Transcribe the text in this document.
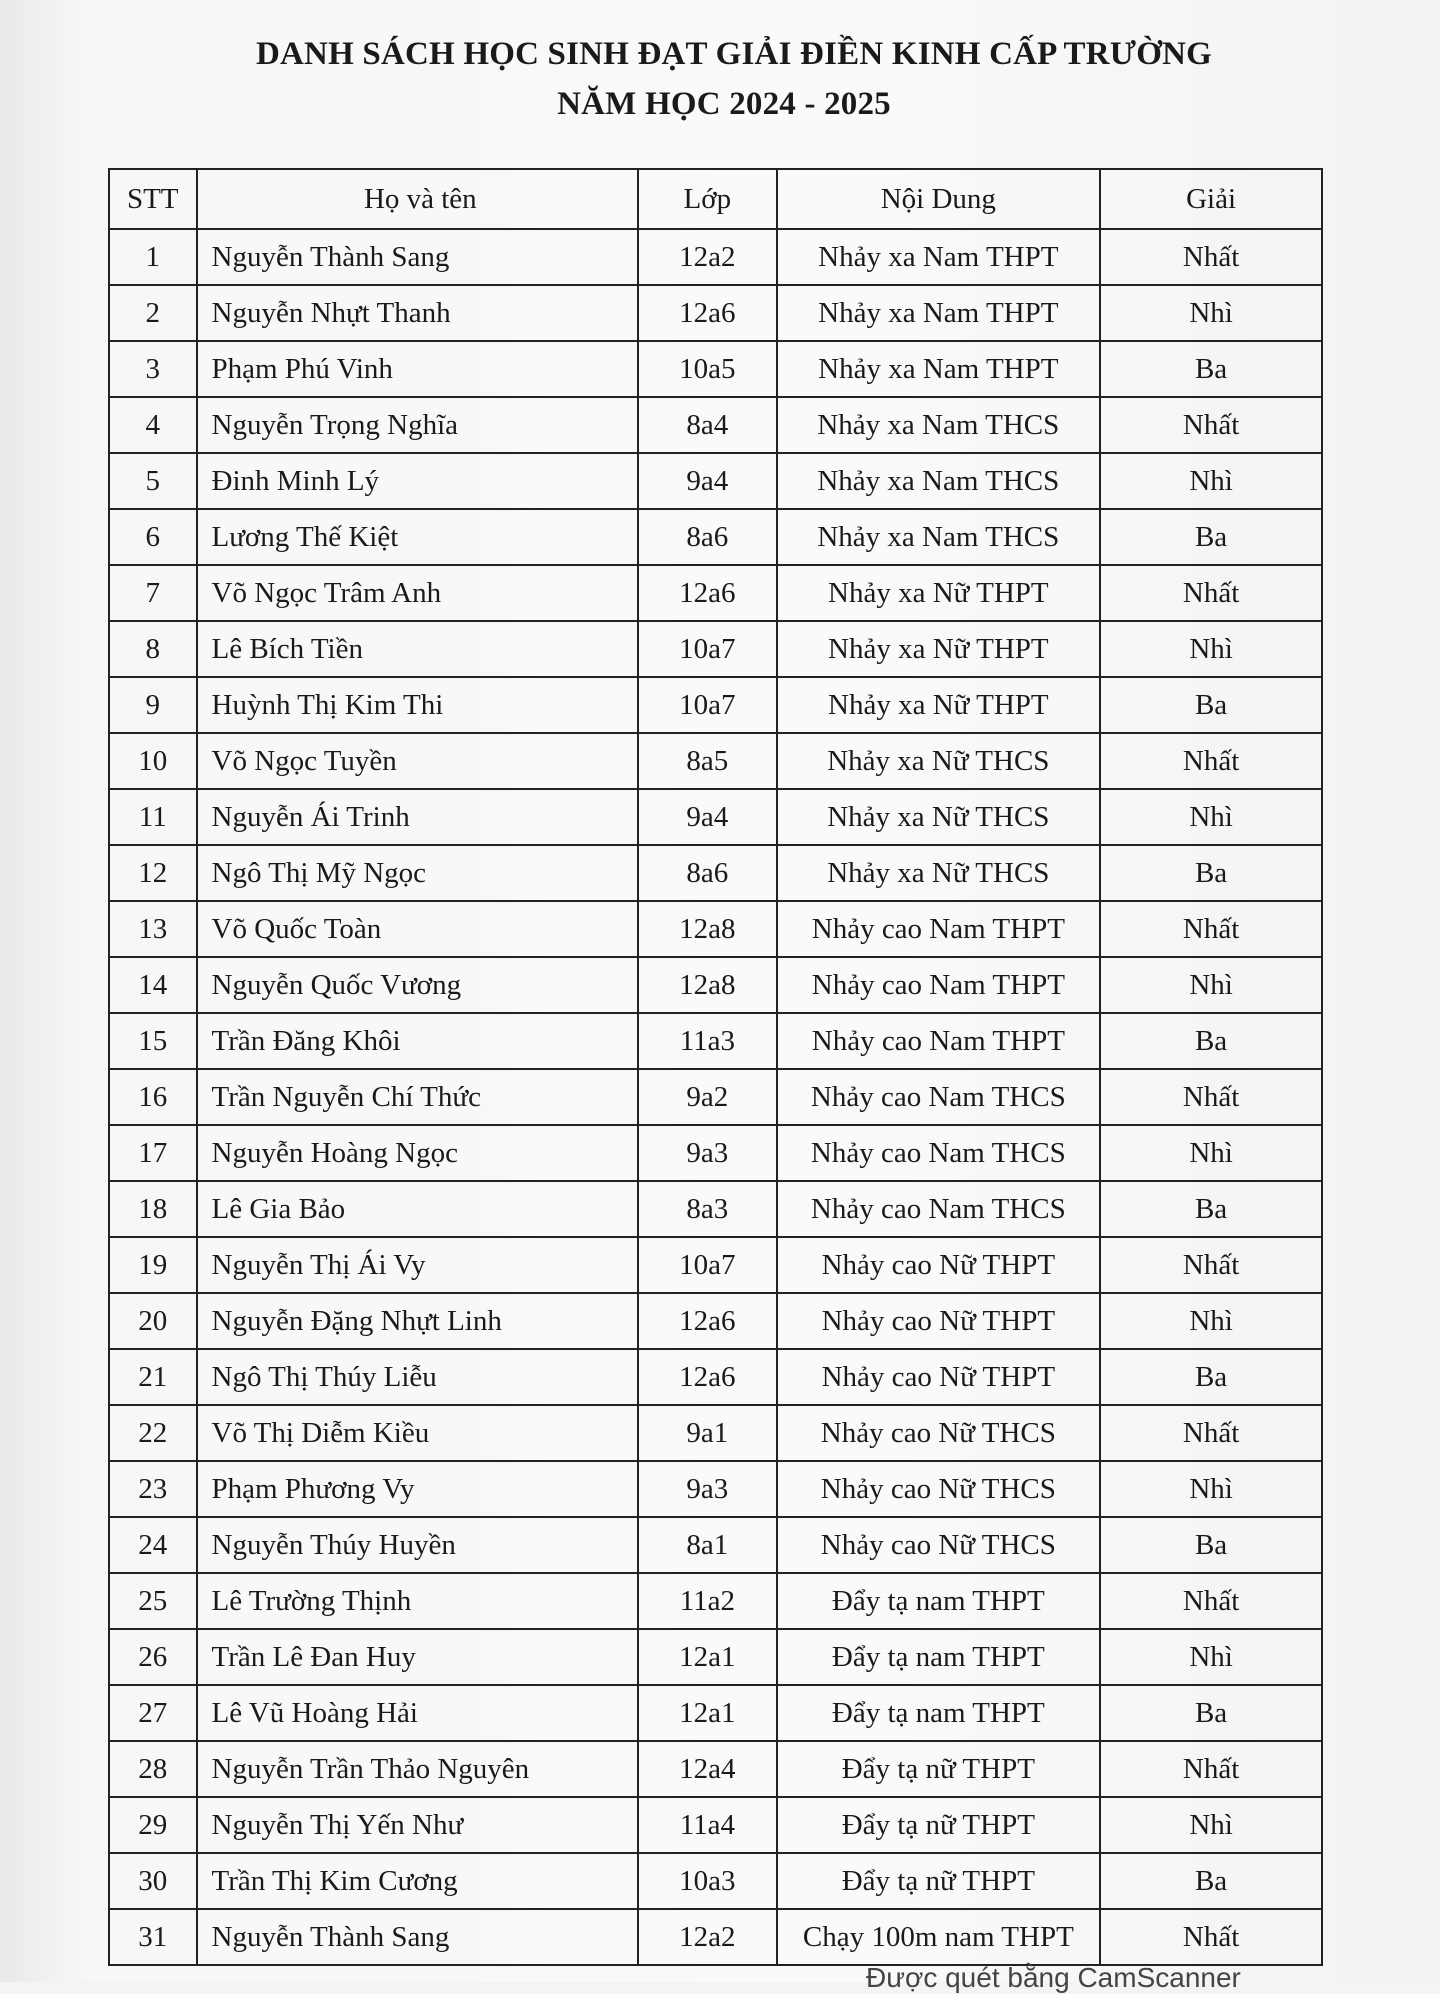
DANH SÁCH HỌC SINH ĐẠT GIẢI ĐIỀN KINH CẤP TRƯỜNG
NĂM HỌC 2024 - 2025
STT	Họ và tên	Lớp	Nội Dung	Giải
1	Nguyễn Thành Sang	12a2	Nhảy xa Nam THPT	Nhất
2	Nguyễn Nhựt Thanh	12a6	Nhảy xa Nam THPT	Nhì
3	Phạm Phú Vinh	10a5	Nhảy xa Nam THPT	Ba
4	Nguyễn Trọng Nghĩa	8a4	Nhảy xa Nam THCS	Nhất
5	Đinh Minh Lý	9a4	Nhảy xa Nam THCS	Nhì
6	Lương Thế Kiệt	8a6	Nhảy xa Nam THCS	Ba
7	Võ Ngọc Trâm Anh	12a6	Nhảy xa Nữ THPT	Nhất
8	Lê Bích Tiền	10a7	Nhảy xa Nữ THPT	Nhì
9	Huỳnh Thị Kim Thi	10a7	Nhảy xa Nữ THPT	Ba
10	Võ Ngọc Tuyền	8a5	Nhảy xa Nữ THCS	Nhất
11	Nguyễn Ái Trinh	9a4	Nhảy xa Nữ THCS	Nhì
12	Ngô Thị Mỹ Ngọc	8a6	Nhảy xa Nữ THCS	Ba
13	Võ Quốc Toàn	12a8	Nhảy cao Nam THPT	Nhất
14	Nguyễn Quốc Vương	12a8	Nhảy cao Nam THPT	Nhì
15	Trần Đăng Khôi	11a3	Nhảy cao Nam THPT	Ba
16	Trần Nguyễn Chí Thức	9a2	Nhảy cao Nam THCS	Nhất
17	Nguyễn Hoàng Ngọc	9a3	Nhảy cao Nam THCS	Nhì
18	Lê Gia Bảo	8a3	Nhảy cao Nam THCS	Ba
19	Nguyễn Thị Ái Vy	10a7	Nhảy cao Nữ THPT	Nhất
20	Nguyễn Đặng Nhựt Linh	12a6	Nhảy cao Nữ THPT	Nhì
21	Ngô Thị Thúy Liễu	12a6	Nhảy cao Nữ THPT	Ba
22	Võ Thị Diễm Kiều	9a1	Nhảy cao Nữ THCS	Nhất
23	Phạm Phương Vy	9a3	Nhảy cao Nữ THCS	Nhì
24	Nguyễn Thúy Huyền	8a1	Nhảy cao Nữ THCS	Ba
25	Lê Trường Thịnh	11a2	Đẩy tạ nam THPT	Nhất
26	Trần Lê Đan Huy	12a1	Đẩy tạ nam THPT	Nhì
27	Lê Vũ Hoàng Hải	12a1	Đẩy tạ nam THPT	Ba
28	Nguyễn Trần Thảo Nguyên	12a4	Đẩy tạ nữ THPT	Nhất
29	Nguyễn Thị Yến Như	11a4	Đẩy tạ nữ THPT	Nhì
30	Trần Thị Kim Cương	10a3	Đẩy tạ nữ THPT	Ba
31	Nguyễn Thành Sang	12a2	Chạy 100m nam THPT	Nhất
Được quét bằng CamScanner
